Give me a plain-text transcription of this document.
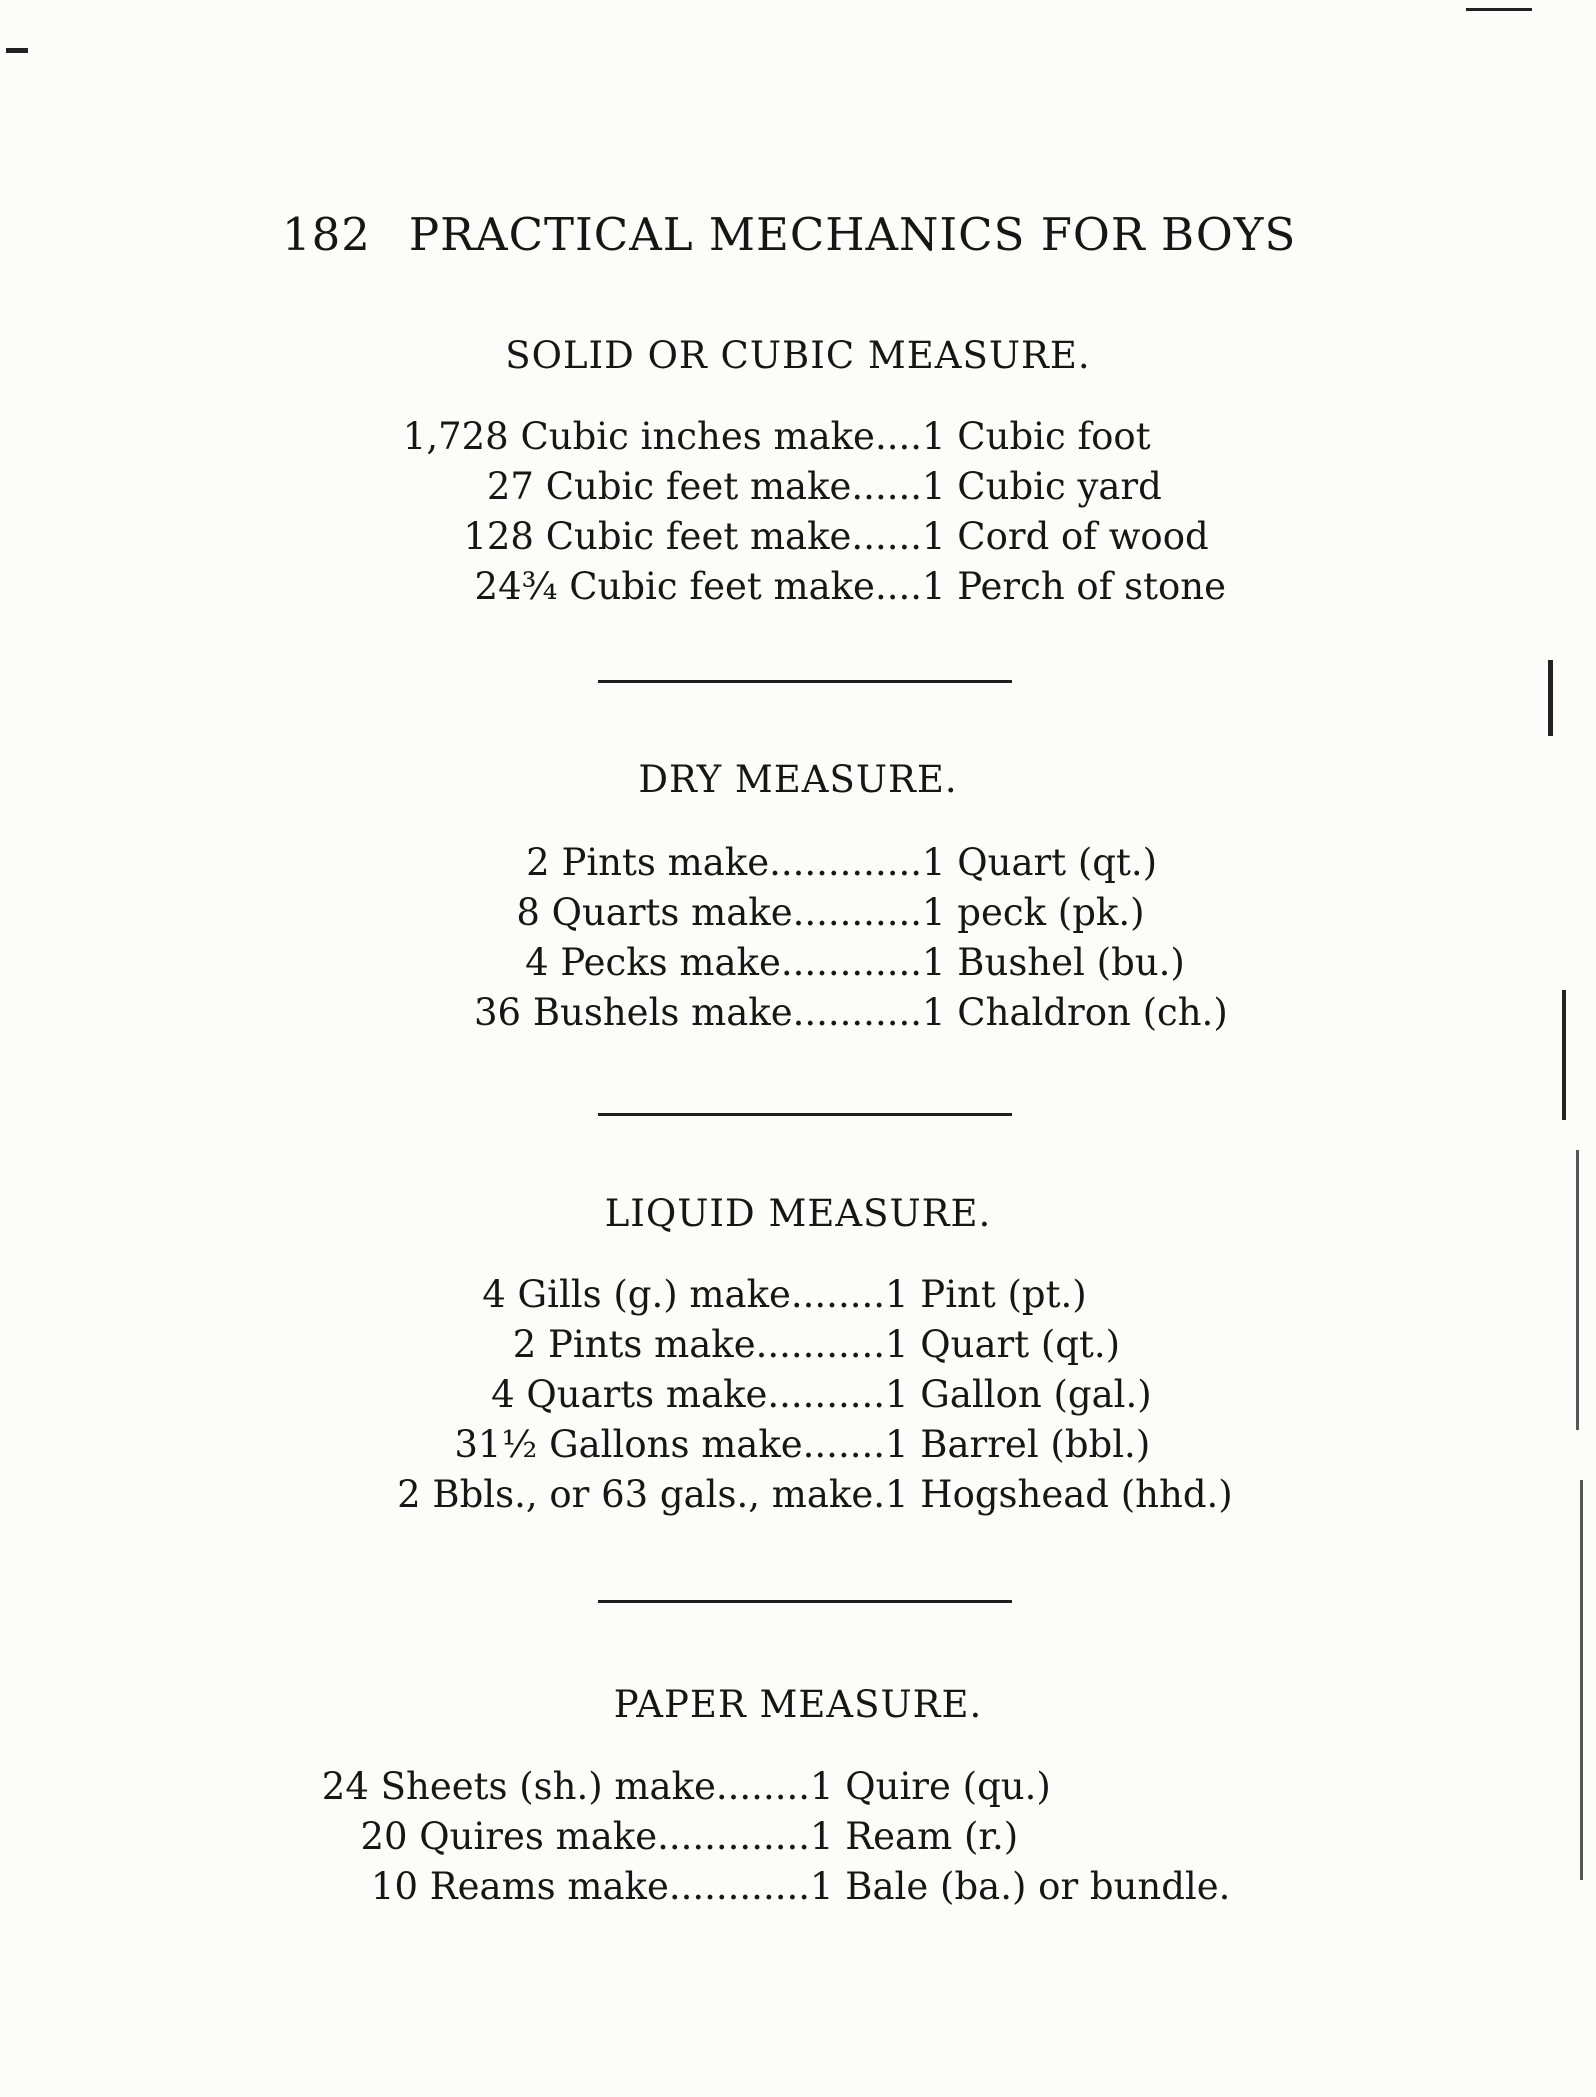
182 PRACTICAL MECHANICS FOR BOYS
SOLID OR CUBIC MEASURE.
1,728 Cubic inches make.... 1 Cubic foot
27 Cubic feet make...... 1 Cubic yard
128 Cubic feet make...... 1 Cord of wood
24¾ Cubic feet make.... 1 Perch of stone
DRY MEASURE.
2 Pints make............. 1 Quart (qt.)
8 Quarts make........... 1 peck (pk.)
4 Pecks make............ 1 Bushel (bu.)
36 Bushels make........... 1 Chaldron (ch.)
LIQUID MEASURE.
4 Gills (g.) make........ 1 Pint (pt.)
2 Pints make........... 1 Quart (qt.)
4 Quarts make.......... 1 Gallon (gal.)
31½ Gallons make....... 1 Barrel (bbl.)
2 Bbls., or 63 gals., make. 1 Hogshead (hhd.)
PAPER MEASURE.
24 Sheets (sh.) make........ 1 Quire (qu.)
20 Quires make............. 1 Ream (r.)
10 Reams make............ 1 Bale (ba.) or bundle.
